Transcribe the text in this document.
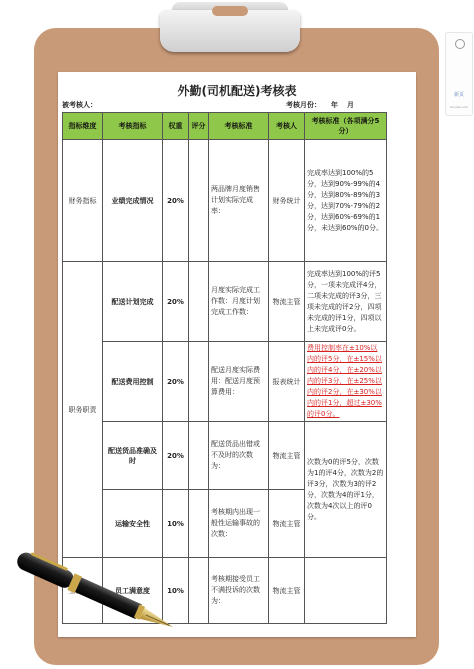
新页
xinyezs.com
外勤(司机配送)考核表
被考核人：	考核月份： 年 月
指标维度	考核指标	权重	评分	考核标准	考核人	考核标准（各项满分5分）
财务指标	业绩完成情况	20%		两品牌月度销售计划实际完成率：	财务统计	完成率达到100%的5分，达到90%-99%的4分，达到80%-89%的3分，达到70%-79%的2分，达到60%-69%的1分，未达到60%的0分。
职务职责	配送计划完成	20%		月度实际完成工作数：月度计划完成工作数：	物流主管	完成率达到100%的评5分，一项未完成评4分，二项未完成的评3分，三项未完成的评2分，四项未完成的评1分，四项以上未完成评0分。
	配送费用控制	20%		配送月度实际费用：配送月度预算费用：	报表统计	费用控制率在±10%以内的评5分，在±15%以内的评4分，在±20%以内的评3分，在±25%以内的评2分，在±30%以内的评1分，超过±30%的评0分。
	配送货品准确及时	20%		配送货品出错或不及时的次数为：	物流主管	次数为0的评5分，次数为1的评4分，次数为2的评3分，次数为3的评2分，次数为4的评1分，次数为4次以上的评0分。
	运输安全性	10%		考核期内出现一般性运输事故的次数：	物流主管	
	员工满意度	10%		考核期接受员工不满投诉的次数为：	物流主管	
